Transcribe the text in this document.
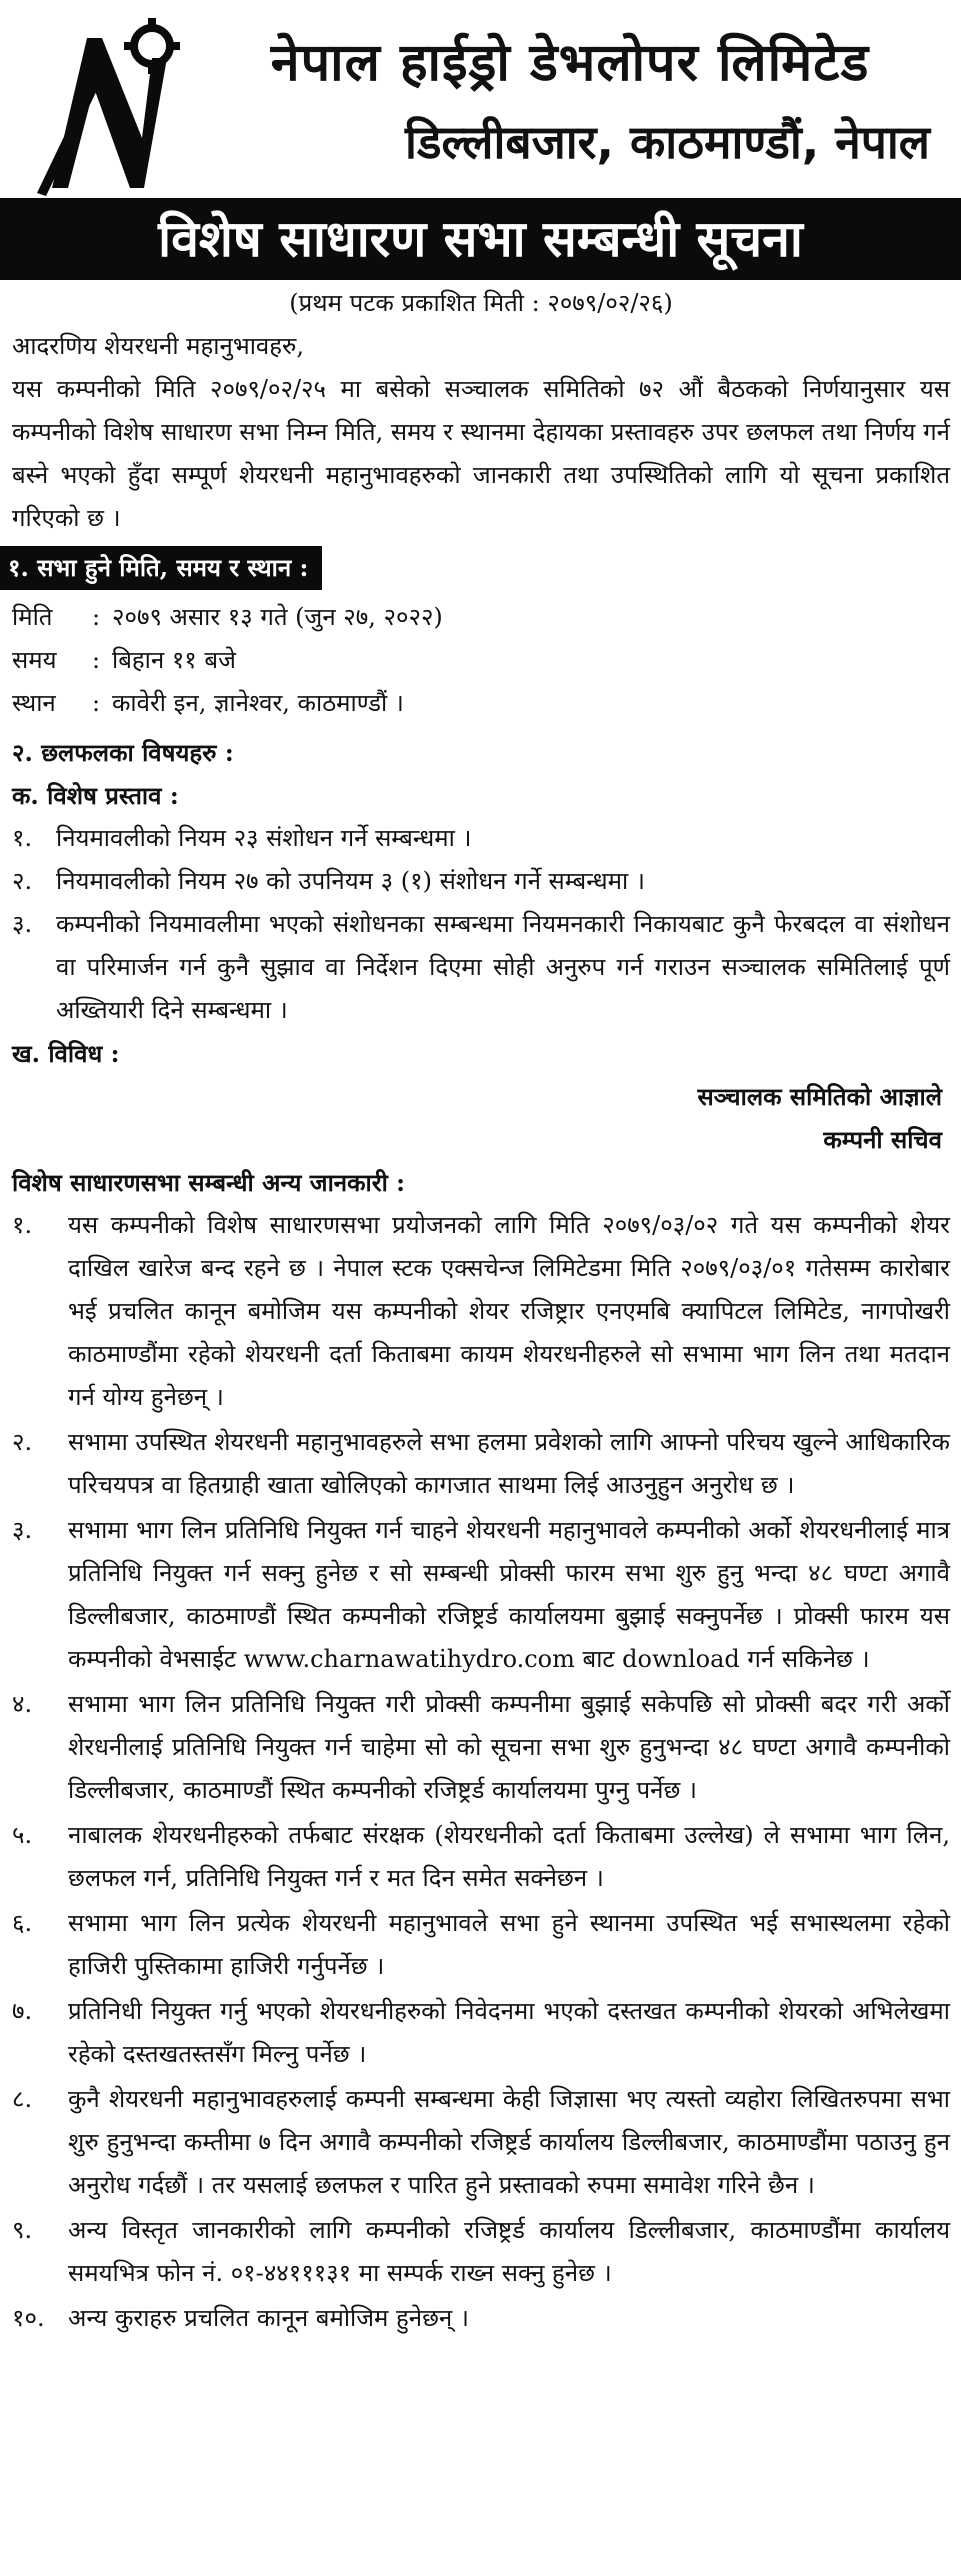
नेपाल हाईड्रो डेभलोपर लिमिटेड
डिल्लीबजार, काठमाण्डौं, नेपाल
विशेष साधारण सभा सम्बन्धी सूचना

(प्रथम पटक प्रकाशित मिती : २०७९/०२/२६)

आदरणिय शेयरधनी महानुभावहरु,

यस कम्पनीको मिति २०७९/०२/२५ मा बसेको सञ्चालक समितिको ७२ औं बैठकको निर्णयानुसार यस कम्पनीको विशेष साधारण सभा निम्न मिति, समय र स्थानमा देहायका प्रस्तावहरु उपर छलफल तथा निर्णय गर्न बस्ने भएको हुँदा सम्पूर्ण शेयरधनी महानुभावहरुको जानकारी तथा उपस्थितिको लागि यो सूचना प्रकाशित गरिएको छ ।

१. सभा हुने मिति, समय र स्थान :
मिति	: २०७९ असार १३ गते (जुन २७, २०२२)
समय	: बिहान ११ बजे
स्थान	: कावेरी इन, ज्ञानेश्वर, काठमाण्डौं ।

२. छलफलका विषयहरु :

क. विशेष प्रस्ताव :

१. नियमावलीको नियम २३ संशोधन गर्ने सम्बन्धमा ।
२. नियमावलीको नियम २७ को उपनियम ३ (१) संशोधन गर्ने सम्बन्धमा ।
३. कम्पनीको नियमावलीमा भएको संशोधनका सम्बन्धमा नियमनकारी निकायबाट कुनै फेरबदल वा संशोधन वा परिमार्जन गर्न कुनै सुझाव वा निर्देशन दिएमा सोही अनुरुप गर्न गराउन सञ्चालक समितिलाई पूर्ण अख्तियारी दिने सम्बन्धमा ।

ख. विविध :

सञ्चालक समितिको आज्ञाले

कम्पनी सचिव

विशेष साधारणसभा सम्बन्धी अन्य जानकारी :

१.	यस कम्पनीको विशेष साधारणसभा प्रयोजनको लागि मिति २०७९/०३/०२ गते यस कम्पनीको शेयर दाखिल खारेज बन्द रहने छ । नेपाल स्टक एक्सचेन्ज लिमिटेडमा मिति २०७९/०३/०१ गतेसम्म कारोबार भई प्रचलित कानून बमोजिम यस कम्पनीको शेयर रजिष्ट्रार एनएमबि क्यापिटल लिमिटेड, नागपोखरी काठमाण्डौंमा रहेको शेयरधनी दर्ता किताबमा कायम शेयरधनीहरुले सो सभामा भाग लिन तथा मतदान गर्न योग्य हुनेछन् ।
२.	सभामा उपस्थित शेयरधनी महानुभावहरुले सभा हलमा प्रवेशको लागि आफ्नो परिचय खुल्ने आधिकारिक परिचयपत्र वा हितग्राही खाता खोलिएको कागजात साथमा लिई आउनुहुन अनुरोध छ ।
३.	सभामा भाग लिन प्रतिनिधि नियुक्त गर्न चाहने शेयरधनी महानुभावले कम्पनीको अर्को शेयरधनीलाई मात्र प्रतिनिधि नियुक्त गर्न सक्नु हुनेछ र सो सम्बन्धी प्रोक्सी फारम सभा शुरु हुनु भन्दा ४८ घण्टा अगावै डिल्लीबजार, काठमाण्डौं स्थित कम्पनीको रजिष्ट्रर्ड कार्यालयमा बुझाई सक्नुपर्नेछ । प्रोक्सी फारम यस कम्पनीको वेभसाईट www.charnawatihydro.com बाट download गर्न सकिनेछ ।
४.	सभामा भाग लिन प्रतिनिधि नियुक्त गरी प्रोक्सी कम्पनीमा बुझाई सकेपछि सो प्रोक्सी बदर गरी अर्को शेरधनीलाई प्रतिनिधि नियुक्त गर्न चाहेमा सो को सूचना सभा शुरु हुनुभन्दा ४८ घण्टा अगावै कम्पनीको डिल्लीबजार, काठमाण्डौं स्थित कम्पनीको रजिष्ट्रर्ड कार्यालयमा पुग्नु पर्नेछ ।
५.	नाबालक शेयरधनीहरुको तर्फबाट संरक्षक (शेयरधनीको दर्ता किताबमा उल्लेख) ले सभामा भाग लिन, छलफल गर्न, प्रतिनिधि नियुक्त गर्न र मत दिन समेत सक्नेछन ।
६.	सभामा भाग लिन प्रत्येक शेयरधनी महानुभावले सभा हुने स्थानमा उपस्थित भई सभास्थलमा रहेको हाजिरी पुस्तिकामा हाजिरी गर्नुपर्नेछ ।
७.	प्रतिनिधी नियुक्त गर्नु भएको शेयरधनीहरुको निवेदनमा भएको दस्तखत कम्पनीको शेयरको अभिलेखमा रहेको दस्तखतस्तसँग मिल्नु पर्नेछ ।
८.	कुनै शेयरधनी महानुभावहरुलाई कम्पनी सम्बन्धमा केही जिज्ञासा भए त्यस्तो व्यहोरा लिखितरुपमा सभा शुरु हुनुभन्दा कम्तीमा ७ दिन अगावै कम्पनीको रजिष्ट्रर्ड कार्यालय डिल्लीबजार, काठमाण्डौंमा पठाउनु हुन अनुरोध गर्दछौं । तर यसलाई छलफल र पारित हुने प्रस्तावको रुपमा समावेश गरिने छैन ।
९.	अन्य विस्तृत जानकारीको लागि कम्पनीको रजिष्ट्रर्ड कार्यालय डिल्लीबजार, काठमाण्डौंमा कार्यालय समयभित्र फोन नं. ०१-४४१११३१ मा सम्पर्क राख्न सक्नु हुनेछ ।
१०. अन्य कुराहरु प्रचलित कानून बमोजिम हुनेछन् ।
